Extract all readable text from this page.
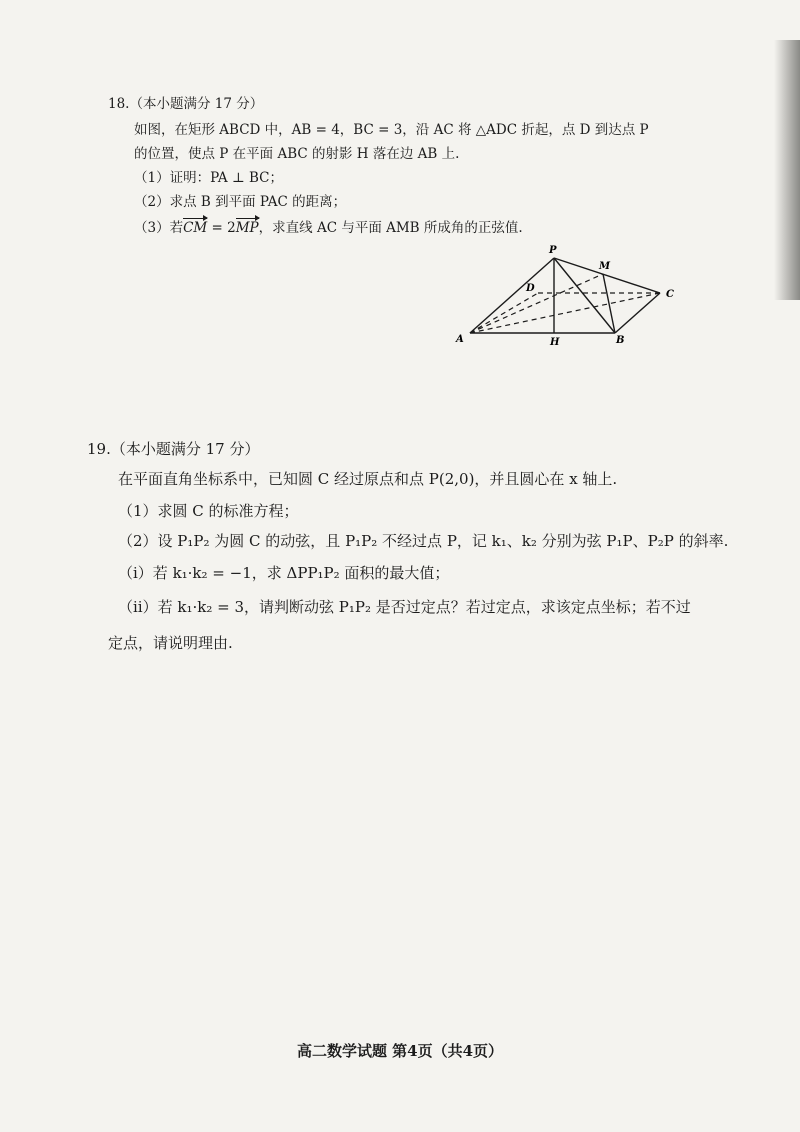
18.（本小题满分 17 分）
如图，在矩形 ABCD 中，AB = 4，BC = 3，沿 AC 将 △ADC 折起，点 D 到达点 P
的位置，使点 P 在平面 ABC 的射影 H 落在边 AB 上.
（1）证明：PA ⊥ BC；
（2）求点 B 到平面 PAC 的距离；
（3）若CM = 2MP，求直线 AC 与平面 AMB 所成角的正弦值.
P
M
D
C
A	H	B
19.（本小题满分 17 分）
在平面直角坐标系中，已知圆 C 经过原点和点 P(2,0)，并且圆心在 x 轴上.
（1）求圆 C 的标准方程；
（2）设 P₁P₂ 为圆 C 的动弦，且 P₁P₂ 不经过点 P，记 k₁、k₂ 分别为弦 P₁P、P₂P 的斜率.
（ⅰ）若 k₁·k₂ = −1，求 ΔPP₁P₂ 面积的最大值；
（ⅱ）若 k₁·k₂ = 3，请判断动弦 P₁P₂ 是否过定点？若过定点，求该定点坐标；若不过
定点，请说明理由.
高二数学试题 第4页（共4页）
